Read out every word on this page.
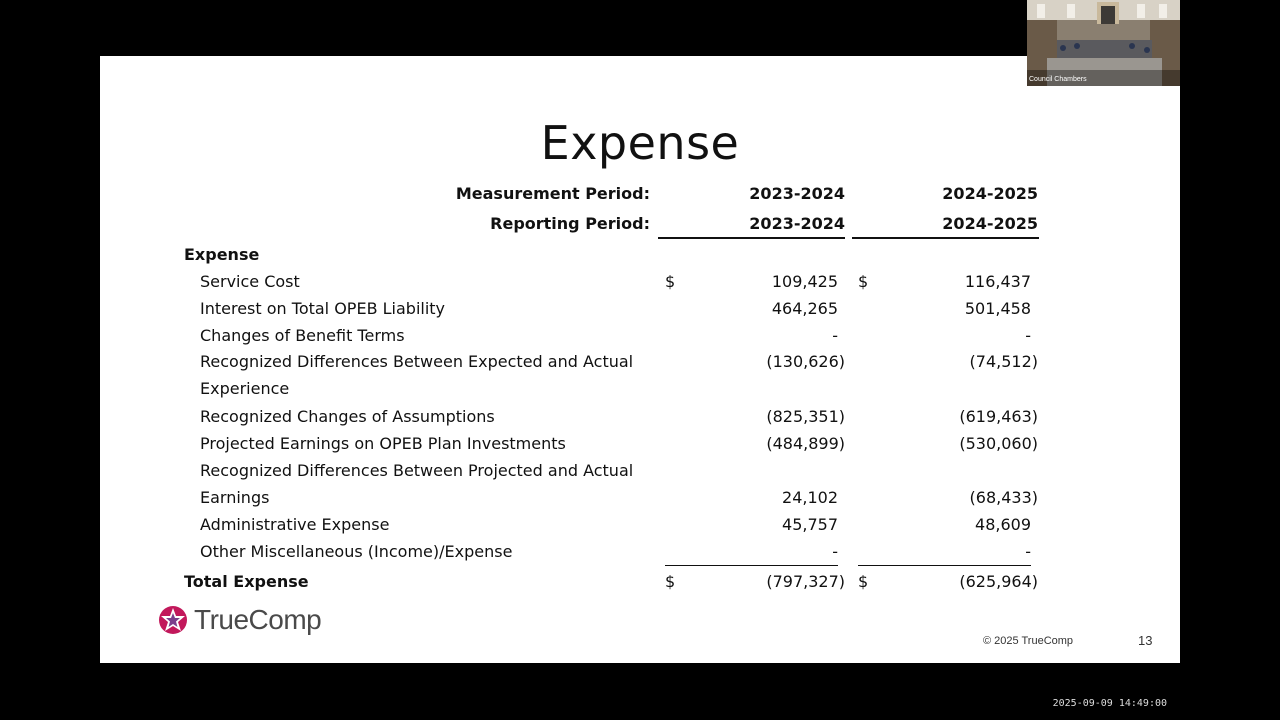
Expense
Measurement Period:	2023-2024	2024-2025
Reporting Period:	2023-2024	2024-2025
Expense
Service Cost	$	109,425	$	116,437
Interest on Total OPEB Liability	464,265	501,458
Changes of Benefit Terms	-	-
Recognized Differences Between Expected and Actual
Experience
(130,626)	(74,512)
Recognized Changes of Assumptions	(825,351)	(619,463)
Projected Earnings on OPEB Plan Investments	(484,899)	(530,060)
Recognized Differences Between Projected and Actual
Earnings	24,102	(68,433)
Administrative Expense	45,757	48,609
Other Miscellaneous (Income)/Expense	-	-
Total Expense	$	(797,327) $	(625,964)
TrueComp
© 2025 TrueComp	13
Council Chambers
2025-09-09 14:49:00
